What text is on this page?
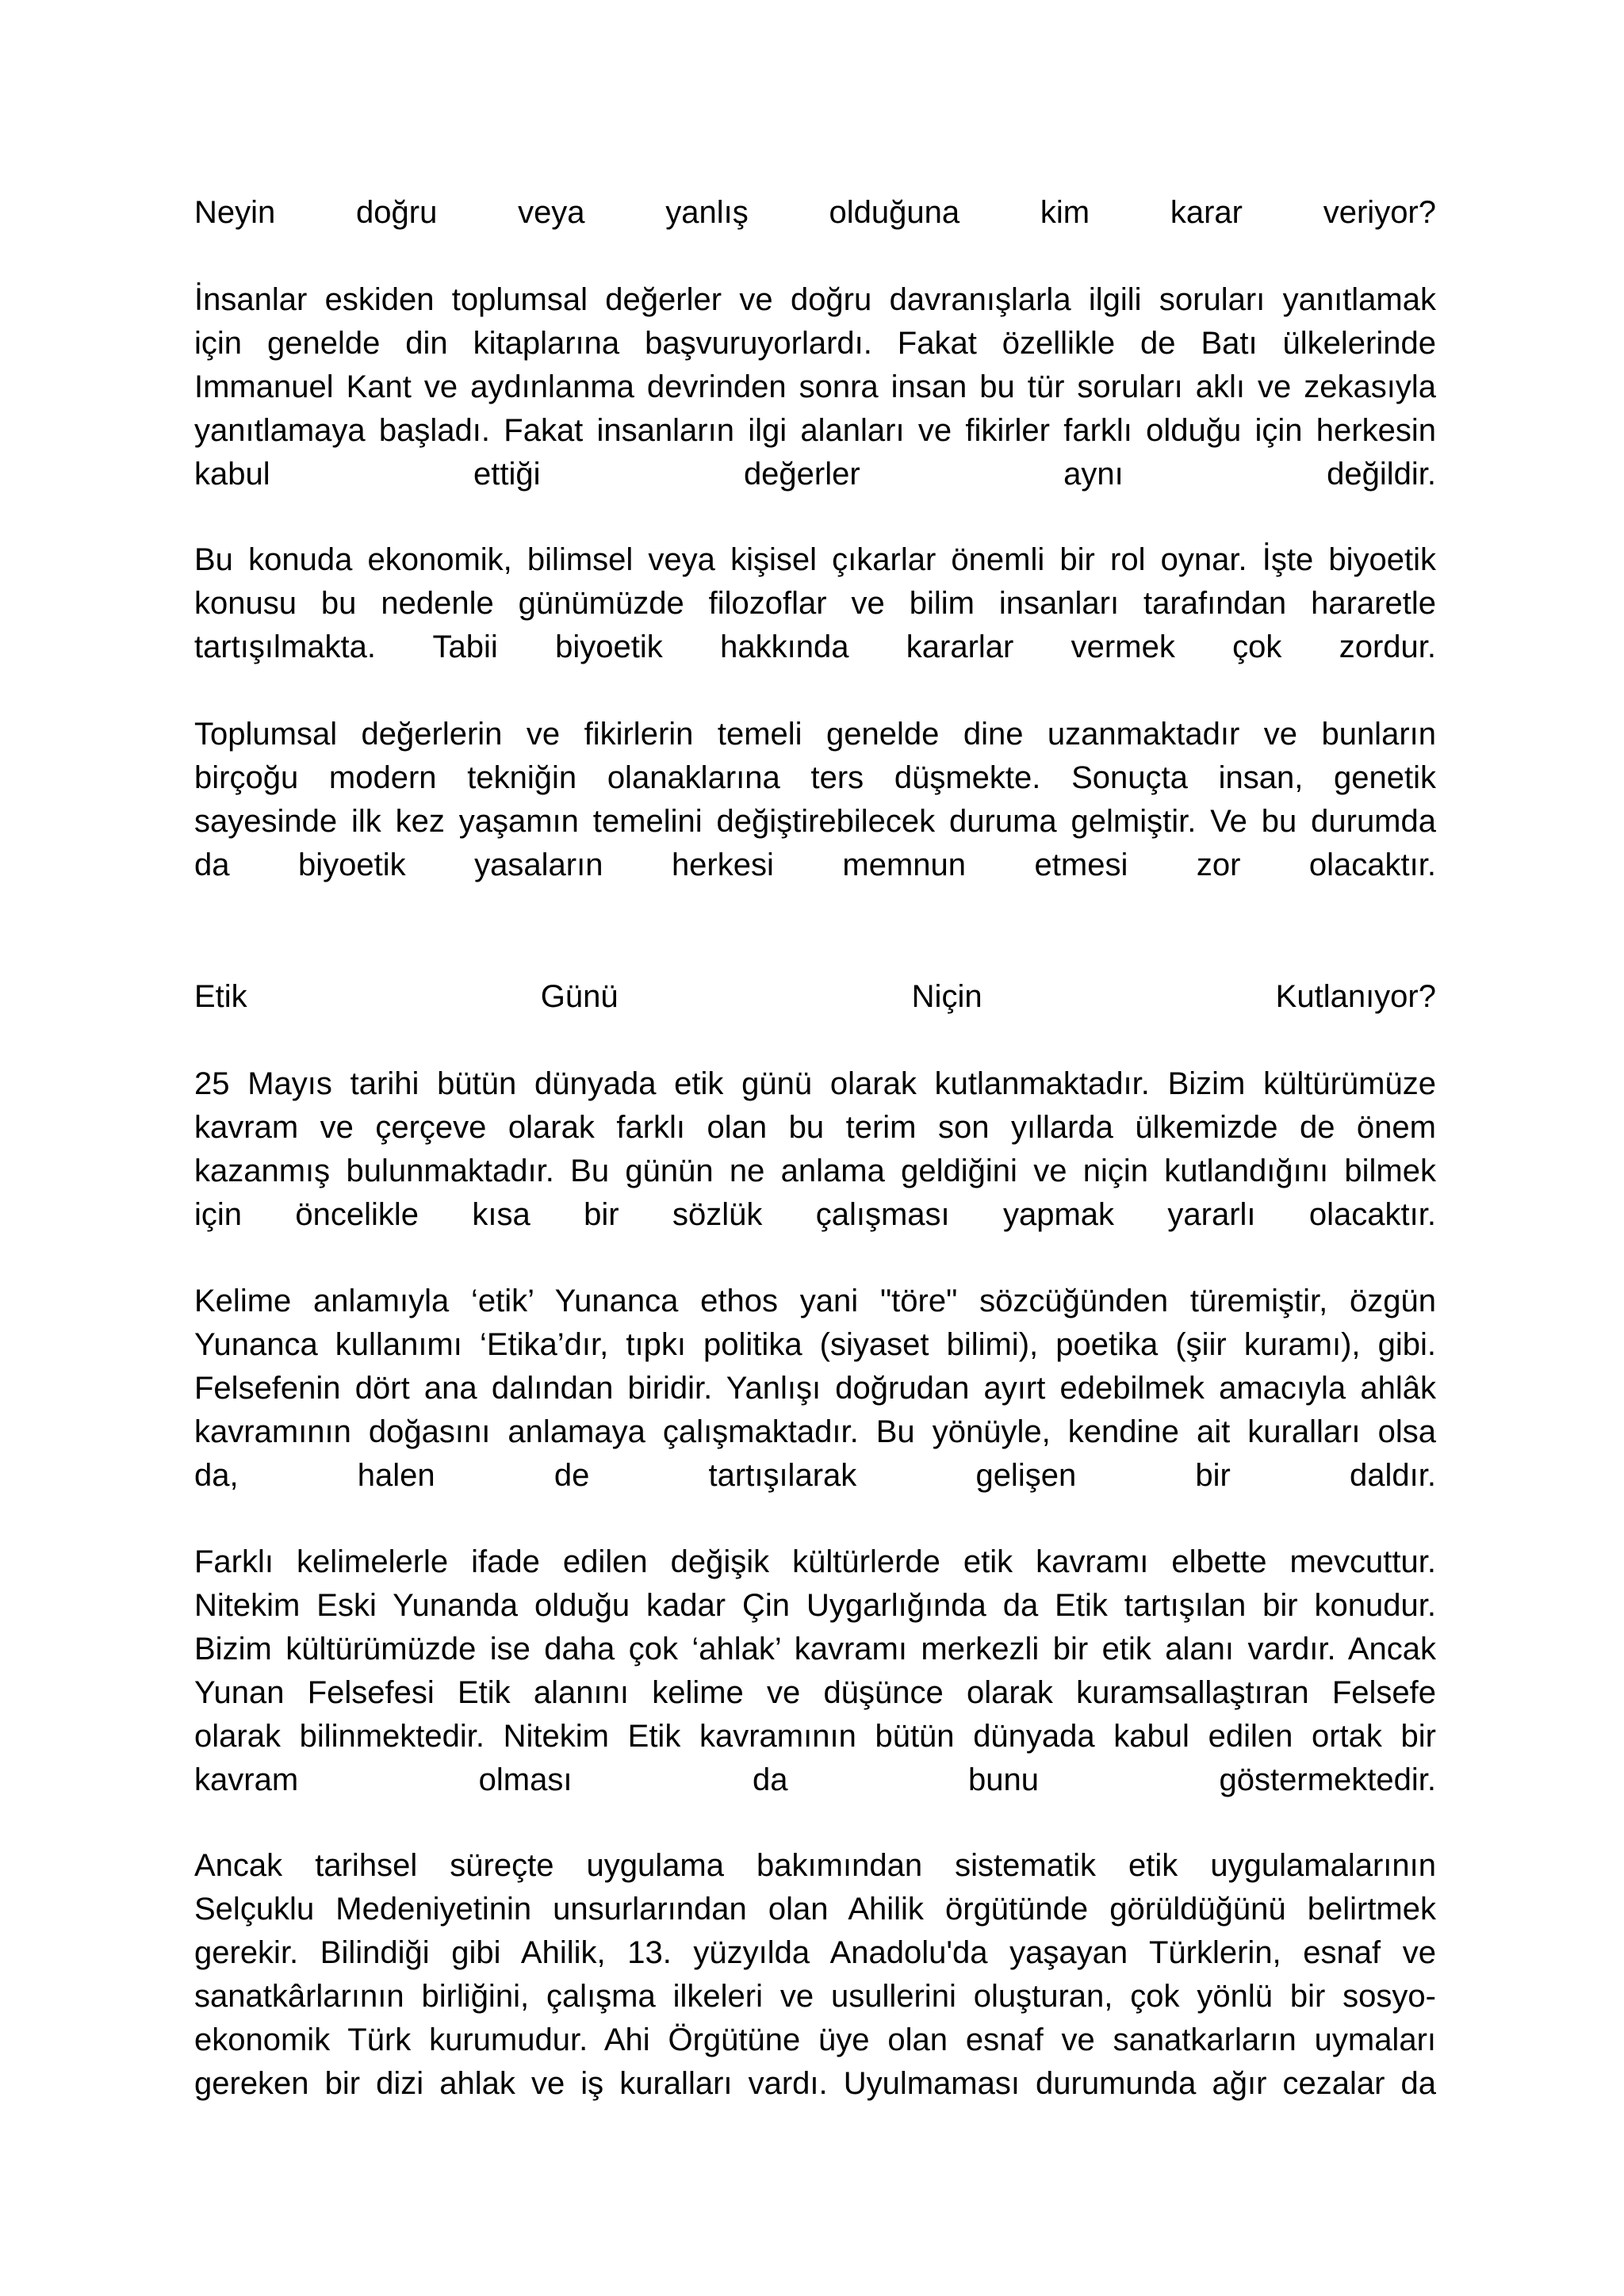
Neyin doğru veya yanlış olduğuna kim karar veriyor?
İnsanlar eskiden toplumsal değerler ve doğru davranışlarla ilgili soruları yanıtlamak
için genelde din kitaplarına başvuruyorlardı. Fakat özellikle de Batı ülkelerinde
Immanuel Kant ve aydınlanma devrinden sonra insan bu tür soruları aklı ve zekasıyla
yanıtlamaya başladı. Fakat insanların ilgi alanları ve fikirler farklı olduğu için herkesin
kabul ettiği değerler aynı değildir.
Bu konuda ekonomik, bilimsel veya kişisel çıkarlar önemli bir rol oynar. İşte biyoetik
konusu bu nedenle günümüzde filozoflar ve bilim insanları tarafından hararetle
tartışılmakta. Tabii biyoetik hakkında kararlar vermek çok zordur.
Toplumsal değerlerin ve fikirlerin temeli genelde dine uzanmaktadır ve bunların
birçoğu modern tekniğin olanaklarına ters düşmekte. Sonuçta insan, genetik
sayesinde ilk kez yaşamın temelini değiştirebilecek duruma gelmiştir. Ve bu durumda
da biyoetik yasaların herkesi memnun etmesi zor olacaktır.
Etik Günü Niçin Kutlanıyor?
25 Mayıs tarihi bütün dünyada etik günü olarak kutlanmaktadır. Bizim kültürümüze
kavram ve çerçeve olarak farklı olan bu terim son yıllarda ülkemizde de önem
kazanmış bulunmaktadır. Bu günün ne anlama geldiğini ve niçin kutlandığını bilmek
için öncelikle kısa bir sözlük çalışması yapmak yararlı olacaktır.
Kelime anlamıyla ‘etik’ Yunanca ethos yani "töre" sözcüğünden türemiştir, özgün
Yunanca kullanımı ‘Etika’dır, tıpkı politika (siyaset bilimi), poetika (şiir kuramı), gibi.
Felsefenin dört ana dalından biridir. Yanlışı doğrudan ayırt edebilmek amacıyla ahlâk
kavramının doğasını anlamaya çalışmaktadır. Bu yönüyle, kendine ait kuralları olsa
da, halen de tartışılarak gelişen bir daldır.
Farklı kelimelerle ifade edilen değişik kültürlerde etik kavramı elbette mevcuttur.
Nitekim Eski Yunanda olduğu kadar Çin Uygarlığında da Etik tartışılan bir konudur.
Bizim kültürümüzde ise daha çok ‘ahlak’ kavramı merkezli bir etik alanı vardır. Ancak
Yunan Felsefesi Etik alanını kelime ve düşünce olarak kuramsallaştıran Felsefe
olarak bilinmektedir. Nitekim Etik kavramının bütün dünyada kabul edilen ortak bir
kavram olması da bunu göstermektedir.
Ancak tarihsel süreçte uygulama bakımından sistematik etik uygulamalarının
Selçuklu Medeniyetinin unsurlarından olan Ahilik örgütünde görüldüğünü belirtmek
gerekir. Bilindiği gibi Ahilik, 13. yüzyılda Anadolu'da yaşayan Türklerin, esnaf ve
sanatkârlarının birliğini, çalışma ilkeleri ve usullerini oluşturan, çok yönlü bir sosyo-
ekonomik Türk kurumudur. Ahi Örgütüne üye olan esnaf ve sanatkarların uymaları
gereken bir dizi ahlak ve iş kuralları vardı. Uyulmaması durumunda ağır cezalar da
